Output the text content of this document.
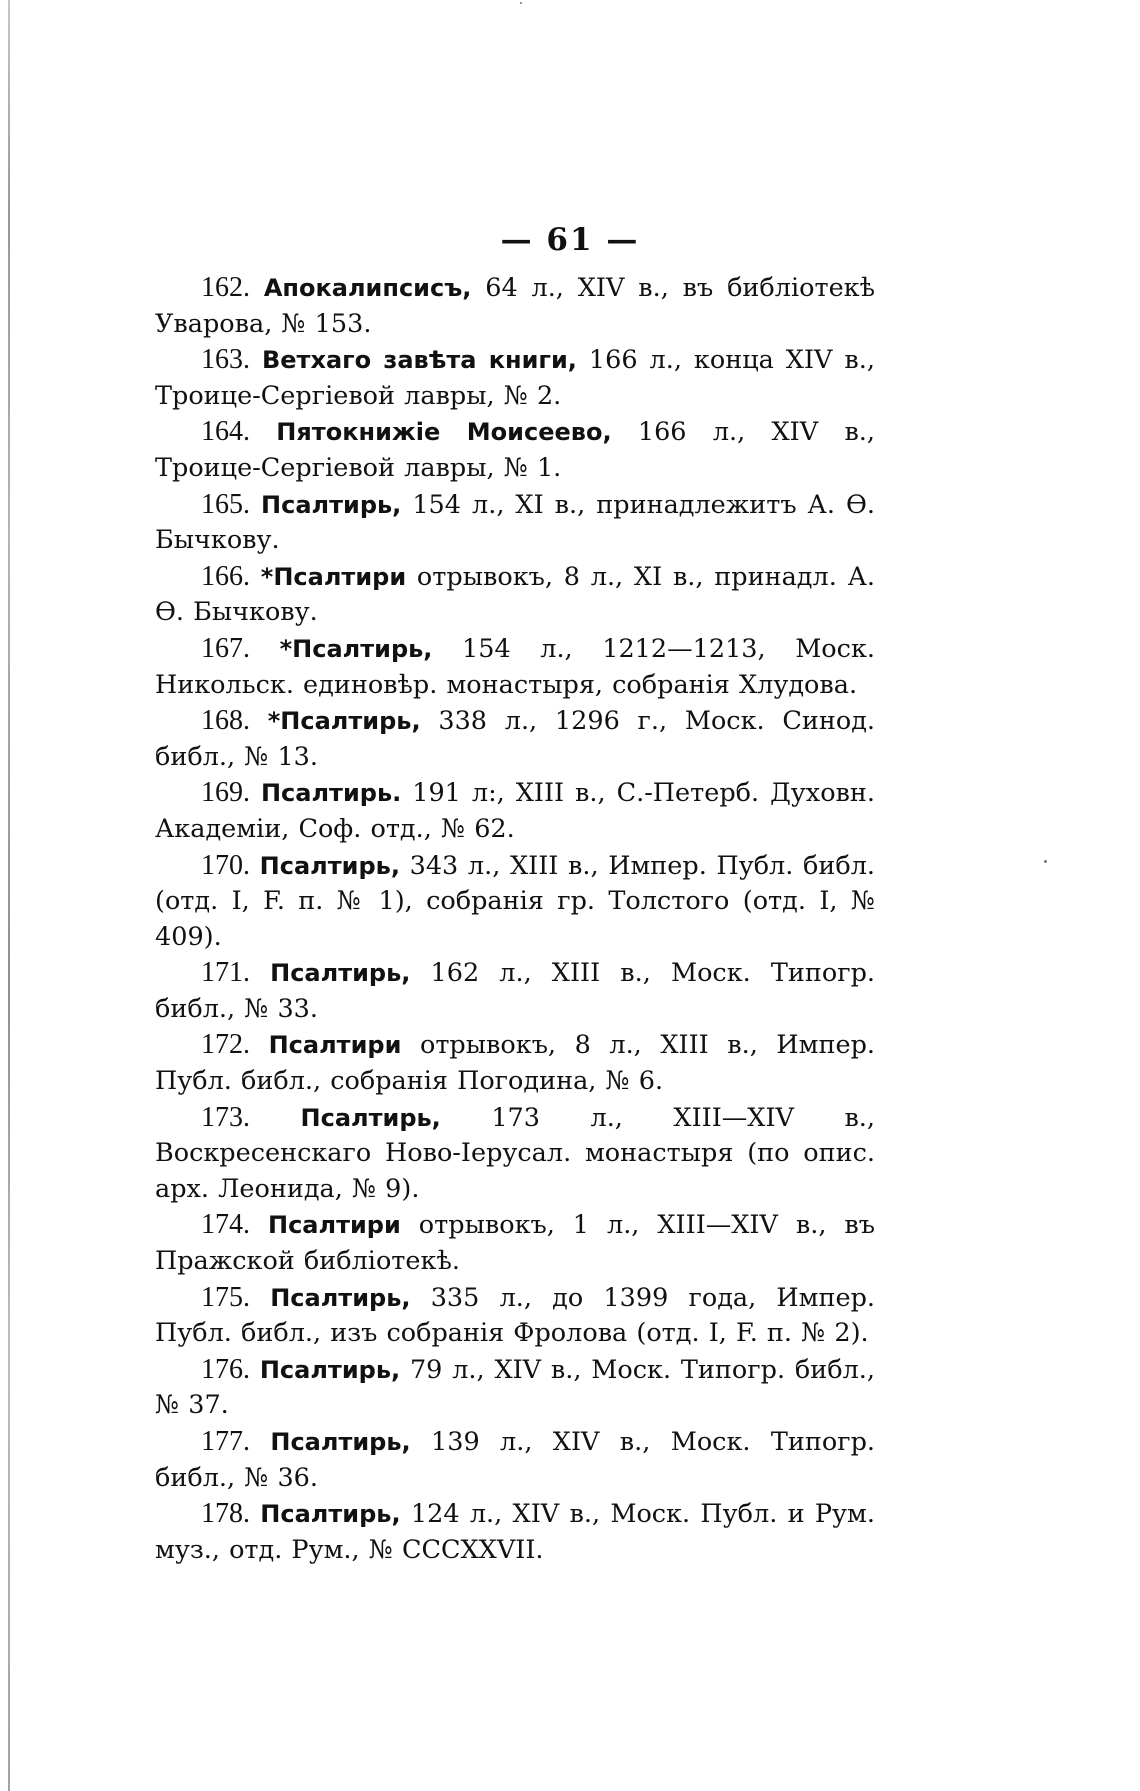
— 61 —

162. Апокалипсисъ, 64 л., XIV в., въ библіотекѣ Уварова, № 153.

163. Ветхаго завѣта книги, 166 л., конца XIV в., Троице-Сергіевой лавры, № 2.

164. Пятокнижіе Моисеево, 166 л., XIV в., Троице-Сергіевой лавры, № 1.

165. Псалтирь, 154 л., XI в., принадлежитъ А. Ѳ. Бычкову.

166. *Псалтири отрывокъ, 8 л., XI в., принадл. А. Ѳ. Бычкову.

167. *Псалтирь, 154 л., 1212—1213, Моск. Никольск. единовѣр. монастыря, собранія Хлудова.

168. *Псалтирь, 338 л., 1296 г., Моск. Синод. библ., № 13.

169. Псалтирь. 191 л:, XIII в., С.-Петерб. Духовн. Академіи, Соф. отд., № 62.

170. Псалтирь, 343 л., XIII в., Импер. Публ. библ. (отд. I, F. п. № 1), собранія гр. Толстого (отд. I, № 409).

171. Псалтирь, 162 л., XIII в., Моск. Типогр. библ., № 33.

172. Псалтири отрывокъ, 8 л., XIII в., Импер. Публ. библ., собранія Погодина, № 6.

173. Псалтирь, 173 л., XIII—XIV в., Воскресенскаго Ново-Іерусал. монастыря (по опис. арх. Леонида, № 9).

174. Псалтири отрывокъ, 1 л., XIII—XIV в., въ Пражской библіотекѣ.

175. Псалтирь, 335 л., до 1399 года, Импер. Публ. библ., изъ собранія Фролова (отд. I, F. п. № 2).

176. Псалтирь, 79 л., XIV в., Моск. Типогр. библ., № 37.

177. Псалтирь, 139 л., XIV в., Моск. Типогр. библ., № 36.

178. Псалтирь, 124 л., XIV в., Моск. Публ. и Рум. муз., отд. Рум., № CCCXXVII.
